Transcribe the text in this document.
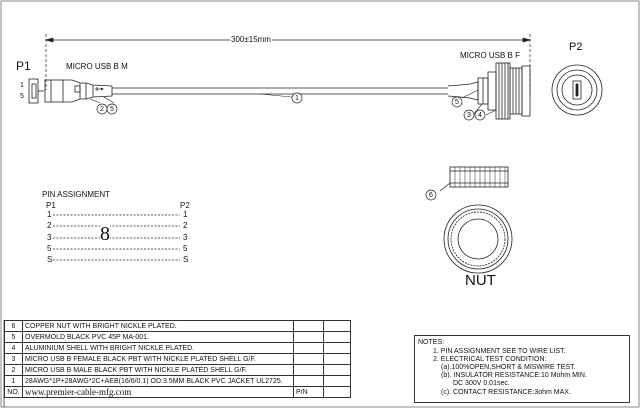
P1
1
5
MICRO USB B M
MICRO USB B F
P2
300±15mm
NUT
1
2
3 4
5
5
6
PIN ASSIGNMENT
P1	P2
1
2
3
5
S
1
2
3
5
S
8
6	COPPER NUT WITH BRIGHT NICKLE PLATED.		
5	OVERMOLD BLACK PVC 45P MA-001.		
4	ALUMINIUM SHELL WITH BRIGHT NICKLE PLATED.		
3	MICRO USB B FEMALE BLACK PBT WITH NICKLE PLATED SHELL G/F.		
2	MICRO USB B MALE BLACK PBT WITH NICKLE PLATED SHELL G/F.		
1	28AWG*1P+28AWG*2C+AEB(16/6/0.1) OD:3.5MM BLACK PVC JACKET UL2725.		
NO.	www.premier-cable-mfg.com	P/N	
NOTES:
1. PIN ASSIGNMENT SEE TO WIRE LIST.
2. ELECTRICAL TEST CONDITION:
(a).100%OPEN,SHORT & MISWIRE TEST.
(b). INSULATOR RESISTANCE:10 Mohm MIN.
DC 300V 0.01sec.
(c). CONTACT RESISTANCE:3ohm MAX.
